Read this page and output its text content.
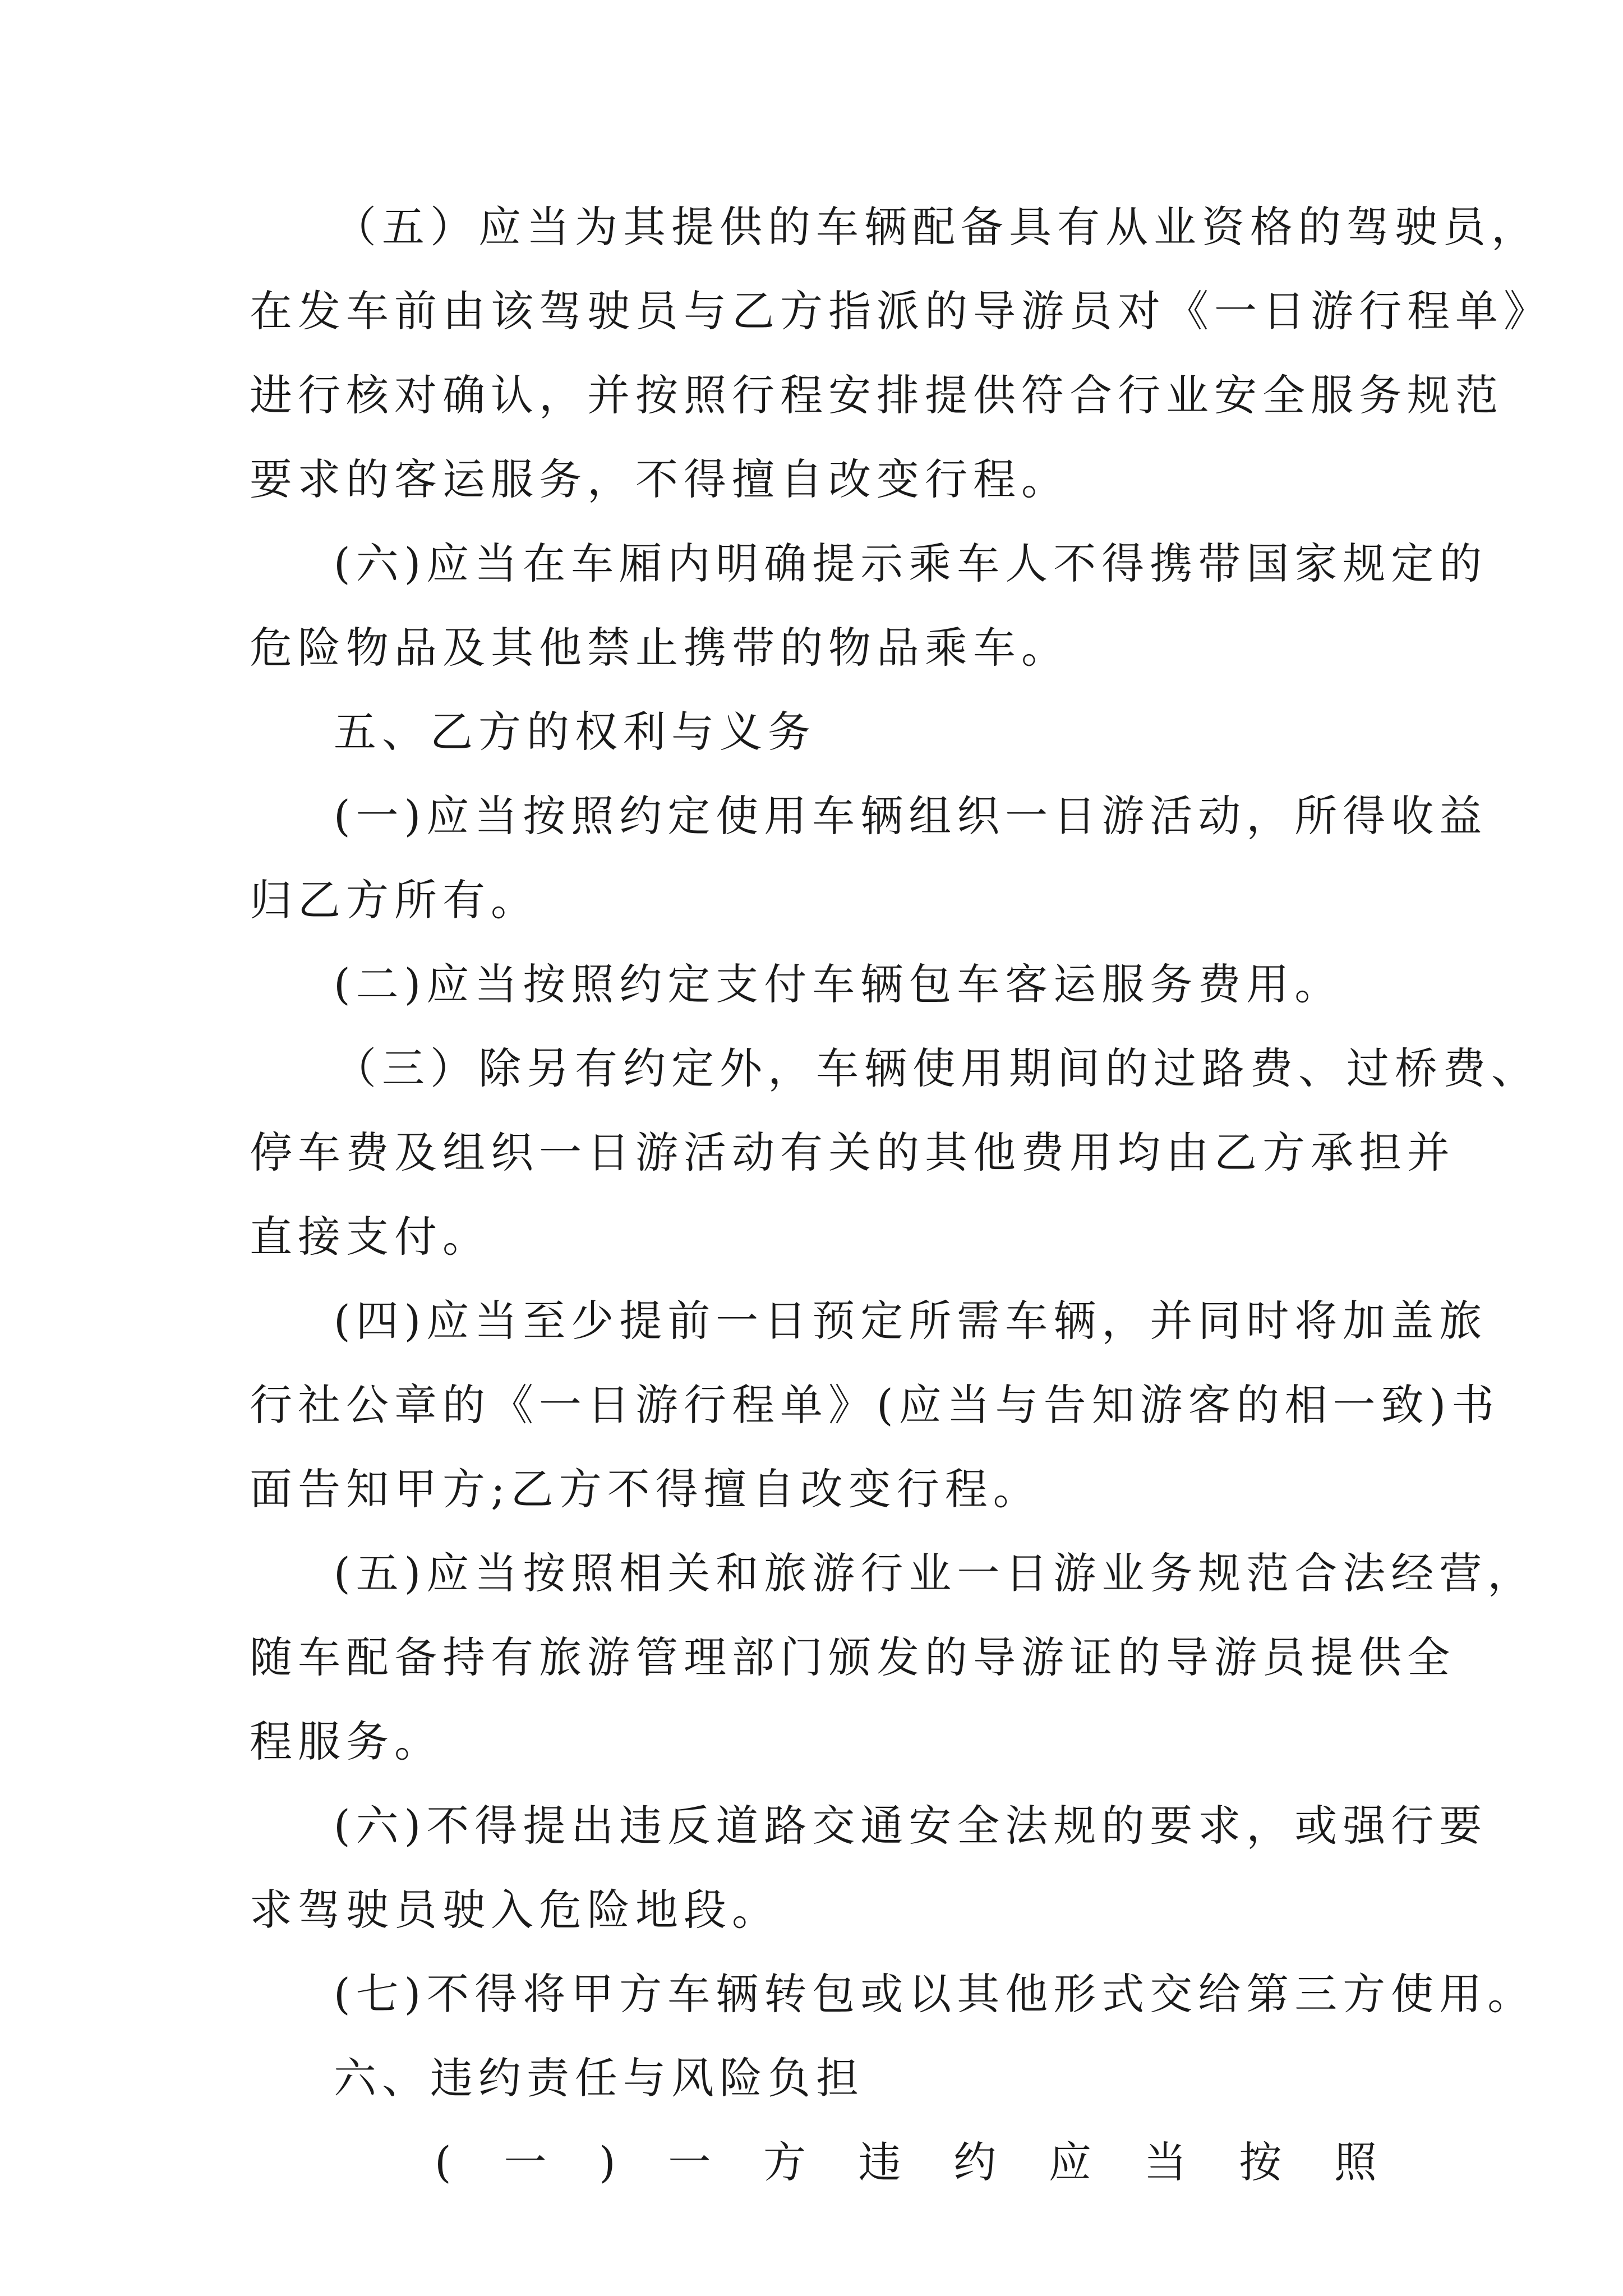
（五）应当为其提供的车辆配备具有从业资格的驾驶员，
在发车前由该驾驶员与乙方指派的导游员对《一日游行程单》
进行核对确认，并按照行程安排提供符合行业安全服务规范
要求的客运服务，不得擅自改变行程。
(六)应当在车厢内明确提示乘车人不得携带国家规定的
危险物品及其他禁止携带的物品乘车。
五、乙方的权利与义务
(一)应当按照约定使用车辆组织一日游活动，所得收益
归乙方所有。
(二)应当按照约定支付车辆包车客运服务费用。
（三）除另有约定外，车辆使用期间的过路费、过桥费、
停车费及组织一日游活动有关的其他费用均由乙方承担并
直接支付。
(四)应当至少提前一日预定所需车辆，并同时将加盖旅
行社公章的《一日游行程单》(应当与告知游客的相一致)书
面告知甲方;乙方不得擅自改变行程。
(五)应当按照相关和旅游行业一日游业务规范合法经营，
随车配备持有旅游管理部门颁发的导游证的导游员提供全
程服务。
(六)不得提出违反道路交通安全法规的要求，或强行要
求驾驶员驶入危险地段。
(七)不得将甲方车辆转包或以其他形式交给第三方使用。
六、违约责任与风险负担
( 一 ) 一 方 违 约 应 当 按 照
